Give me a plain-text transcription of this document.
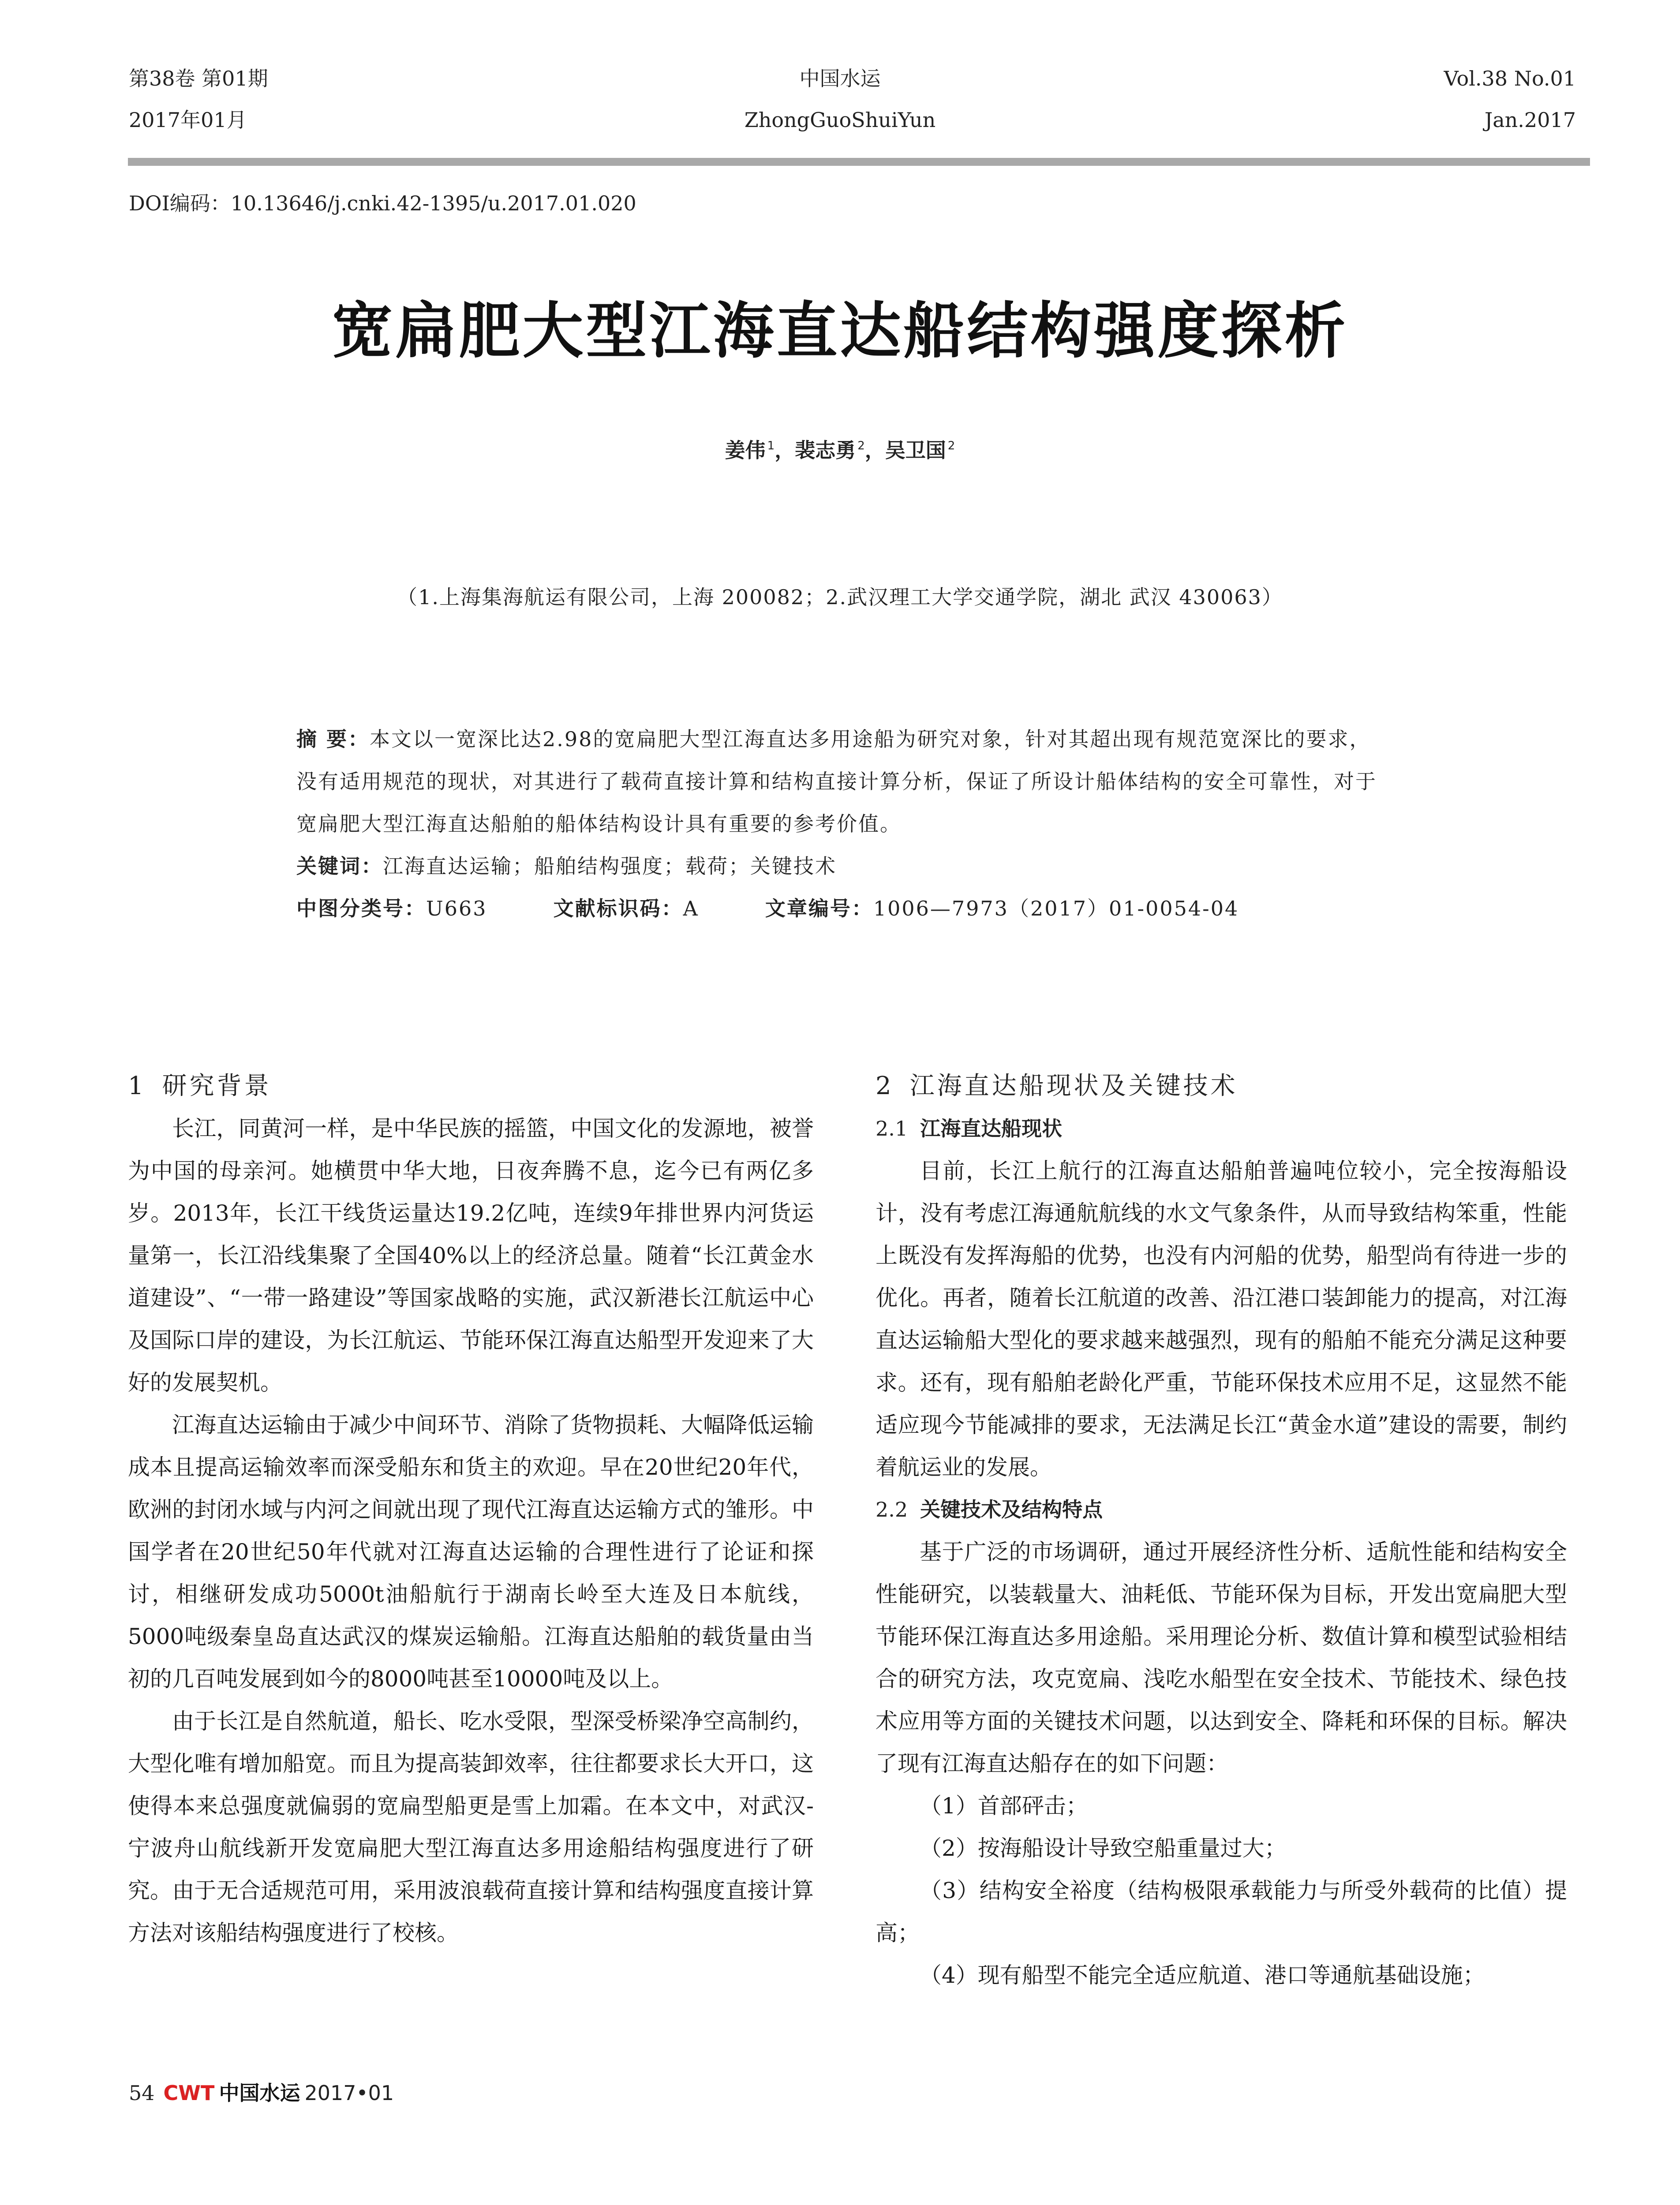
第38卷 第01期
2017年01月
中国水运
ZhongGuoShuiYun
Vol.38 No.01
Jan.2017
DOI编码：10.13646/j.cnki.42-1395/u.2017.01.020
宽扁肥大型江海直达船结构强度探析
姜伟 $^1$，裴志勇 $^2$，吴卫国 $^2$
（1.上海集海航运有限公司，上海 200082；2.武汉理工大学交通学院，湖北 武汉 430063）

摘 要：本文以一宽深比达2.98的宽扁肥大型江海直达多用途船为研究对象，针对其超出现有规范宽深比的要求，没有适用规范的现状，对其进行了载荷直接计算和结构直接计算分析，保证了所设计船体结构的安全可靠性，对于宽扁肥大型江海直达船舶的船体结构设计具有重要的参考价值。

关键词：江海直达运输；船舶结构强度；载荷；关键技术

中图分类号：U663	文献标识码：A	文章编号：1006—7973（2017）01-0054-04

1 研究背景

长江，同黄河一样，是中华民族的摇篮，中国文化的发源地，被誉为中国的母亲河。她横贯中华大地，日夜奔腾不息，迄今已有两亿多岁。2013年，长江干线货运量达19.2亿吨，连续9年排世界内河货运量第一，长江沿线集聚了全国40%以上的经济总量。随着“长江黄金水道建设”、“一带一路建设”等国家战略的实施，武汉新港长江航运中心及国际口岸的建设，为长江航运、节能环保江海直达船型开发迎来了大好的发展契机。

江海直达运输由于减少中间环节、消除了货物损耗、大幅降低运输成本且提高运输效率而深受船东和货主的欢迎。早在20世纪20年代，欧洲的封闭水域与内河之间就出现了现代江海直达运输方式的雏形。中国学者在20世纪50年代就对江海直达运输的合理性进行了论证和探讨，相继研发成功5000t油船航行于湖南长岭至大连及日本航线，5000吨级秦皇岛直达武汉的煤炭运输船。江海直达船舶的载货量由当初的几百吨发展到如今的8000吨甚至10000吨及以上。

由于长江是自然航道，船长、吃水受限，型深受桥梁净空高制约，大型化唯有增加船宽。而且为提高装卸效率，往往都要求长大开口，这使得本来总强度就偏弱的宽扁型船更是雪上加霜。在本文中，对武汉-宁波舟山航线新开发宽扁肥大型江海直达多用途船结构强度进行了研究。由于无合适规范可用，采用波浪载荷直接计算和结构强度直接计算方法对该船结构强度进行了校核。

2 江海直达船现状及关键技术

2.1 江海直达船现状

目前，长江上航行的江海直达船舶普遍吨位较小，完全按海船设计，没有考虑江海通航航线的水文气象条件，从而导致结构笨重，性能上既没有发挥海船的优势，也没有内河船的优势，船型尚有待进一步的优化。再者，随着长江航道的改善、沿江港口装卸能力的提高，对江海直达运输船大型化的要求越来越强烈，现有的船舶不能充分满足这种要求。还有，现有船舶老龄化严重，节能环保技术应用不足，这显然不能适应现今节能减排的要求，无法满足长江“黄金水道”建设的需要，制约着航运业的发展。

2.2 关键技术及结构特点

基于广泛的市场调研，通过开展经济性分析、适航性能和结构安全性能研究，以装载量大、油耗低、节能环保为目标，开发出宽扁肥大型节能环保江海直达多用途船。采用理论分析、数值计算和模型试验相结合的研究方法，攻克宽扁、浅吃水船型在安全技术、节能技术、绿色技术应用等方面的关键技术问题，以达到安全、降耗和环保的目标。解决了现有江海直达船存在的如下问题：

（1）首部砰击；

（2）按海船设计导致空船重量过大；

（3）结构安全裕度（结构极限承载能力与所受外载荷的比值）提高；

（4）现有船型不能完全适应航道、港口等通航基础设施；

54 CWT 中国水运 2017•01
